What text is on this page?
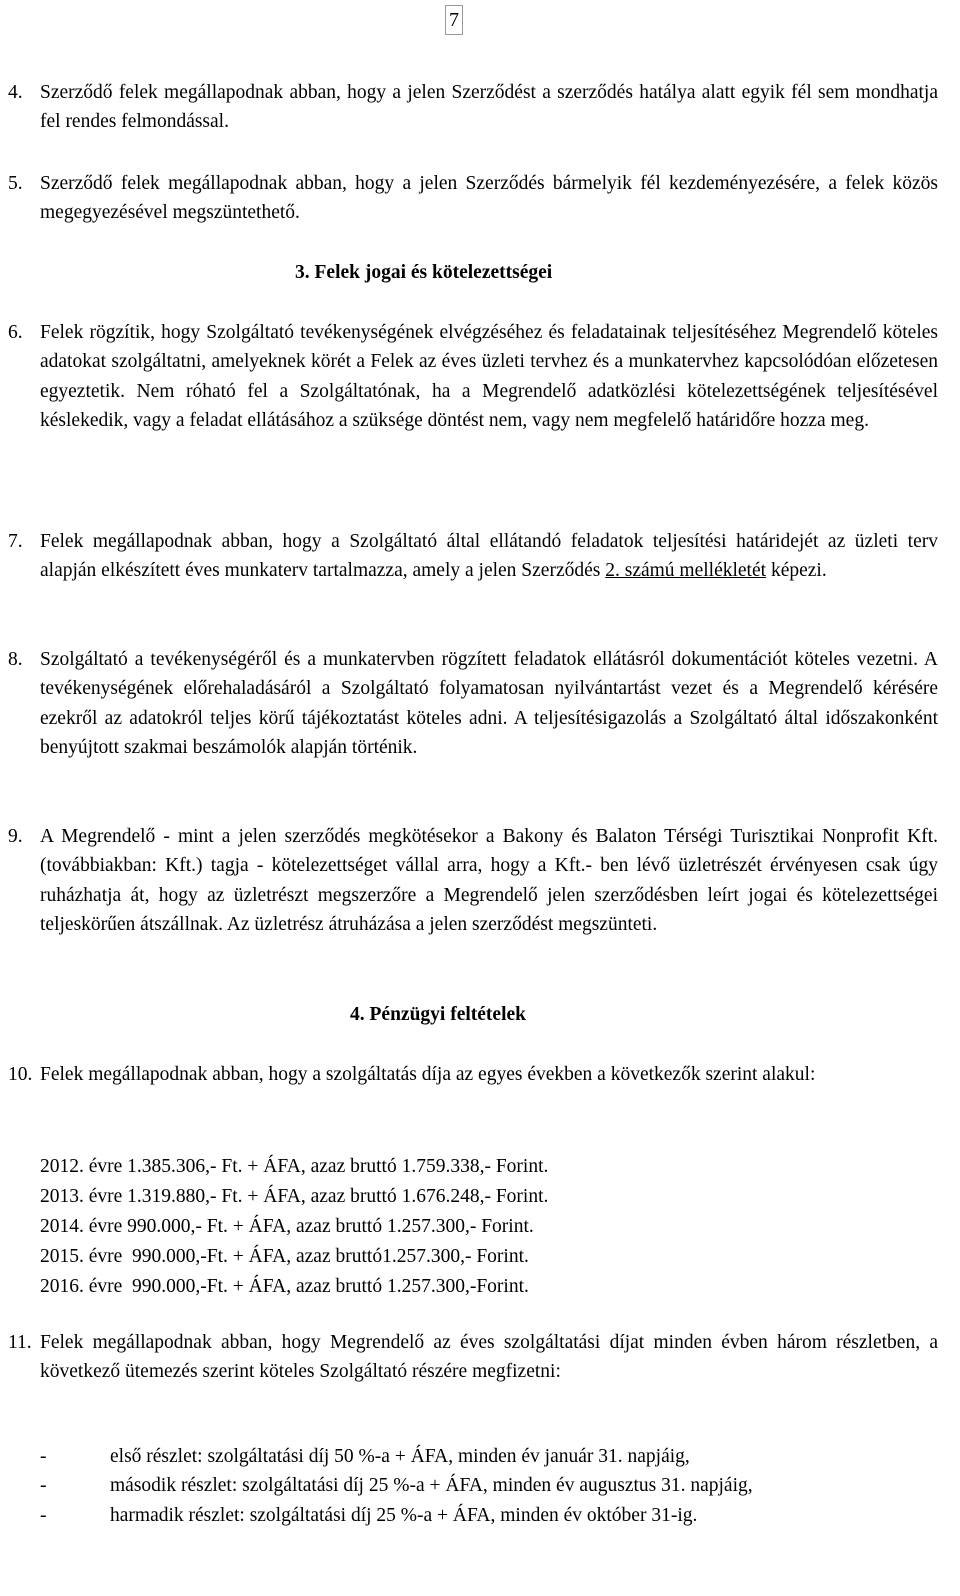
7
4. Szerződő felek megállapodnak abban, hogy a jelen Szerződést a szerződés hatálya alatt egyik fél sem mondhatja fel rendes felmondással.
5. Szerződő felek megállapodnak abban, hogy a jelen Szerződés bármelyik fél kezdeményezésére, a felek közös megegyezésével megszüntethető.
3. Felek jogai és kötelezettségei
6. Felek rögzítik, hogy Szolgáltató tevékenységének elvégzéséhez és feladatainak teljesítéséhez Megrendelő köteles adatokat szolgáltatni, amelyeknek körét a Felek az éves üzleti tervhez és a munkatervhez kapcsolódóan előzetesen egyeztetik. Nem róható fel a Szolgáltatónak, ha a Megrendelő adatközlési kötelezettségének teljesítésével késlekedik, vagy a feladat ellátásához a szüksége döntést nem, vagy nem megfelelő határidőre hozza meg.
7. Felek megállapodnak abban, hogy a Szolgáltató által ellátandó feladatok teljesítési határidejét az üzleti terv alapján elkészített éves munkaterv tartalmazza, amely a jelen Szerződés 2. számú mellékletét képezi.
8. Szolgáltató a tevékenységéről és a munkatervben rögzített feladatok ellátásról dokumentációt köteles vezetni. A tevékenységének előrehaladásáról a Szolgáltató folyamatosan nyilvántartást vezet és a Megrendelő kérésére ezekről az adatokról teljes körű tájékoztatást köteles adni. A teljesítésigazolás a Szolgáltató által időszakonként benyújtott szakmai beszámolók alapján történik.
9. A Megrendelő - mint a jelen szerződés megkötésekor a Bakony és Balaton Térségi Turisztikai Nonprofit Kft. (továbbiakban: Kft.) tagja - kötelezettséget vállal arra, hogy a Kft.- ben lévő üzletrészét érvényesen csak úgy ruházhatja át, hogy az üzletrészt megszerzőre a Megrendelő jelen szerződésben leírt jogai és kötelezettségei teljeskörűen átszállnak. Az üzletrész átruházása a jelen szerződést megszünteti.
4. Pénzügyi feltételek
10. Felek megállapodnak abban, hogy a szolgáltatás díja az egyes években a következők szerint alakul:
2012. évre 1.385.306,- Ft. + ÁFA, azaz bruttó 1.759.338,- Forint.
2013. évre 1.319.880,- Ft. + ÁFA, azaz bruttó 1.676.248,- Forint.
2014. évre 990.000,- Ft. + ÁFA, azaz bruttó 1.257.300,- Forint.
2015. évre  990.000,-Ft. + ÁFA, azaz bruttó1.257.300,- Forint.
2016. évre  990.000,-Ft. + ÁFA, azaz bruttó 1.257.300,-Forint.
11. Felek megállapodnak abban, hogy Megrendelő az éves szolgáltatási díjat minden évben három részletben, a következő ütemezés szerint köteles Szolgáltató részére megfizetni:
-	első részlet: szolgáltatási díj 50 %-a + ÁFA, minden év január 31. napjáig,
-	második részlet: szolgáltatási díj 25 %-a + ÁFA, minden év augusztus 31. napjáig,
-	harmadik részlet: szolgáltatási díj 25 %-a + ÁFA, minden év október 31-ig.
